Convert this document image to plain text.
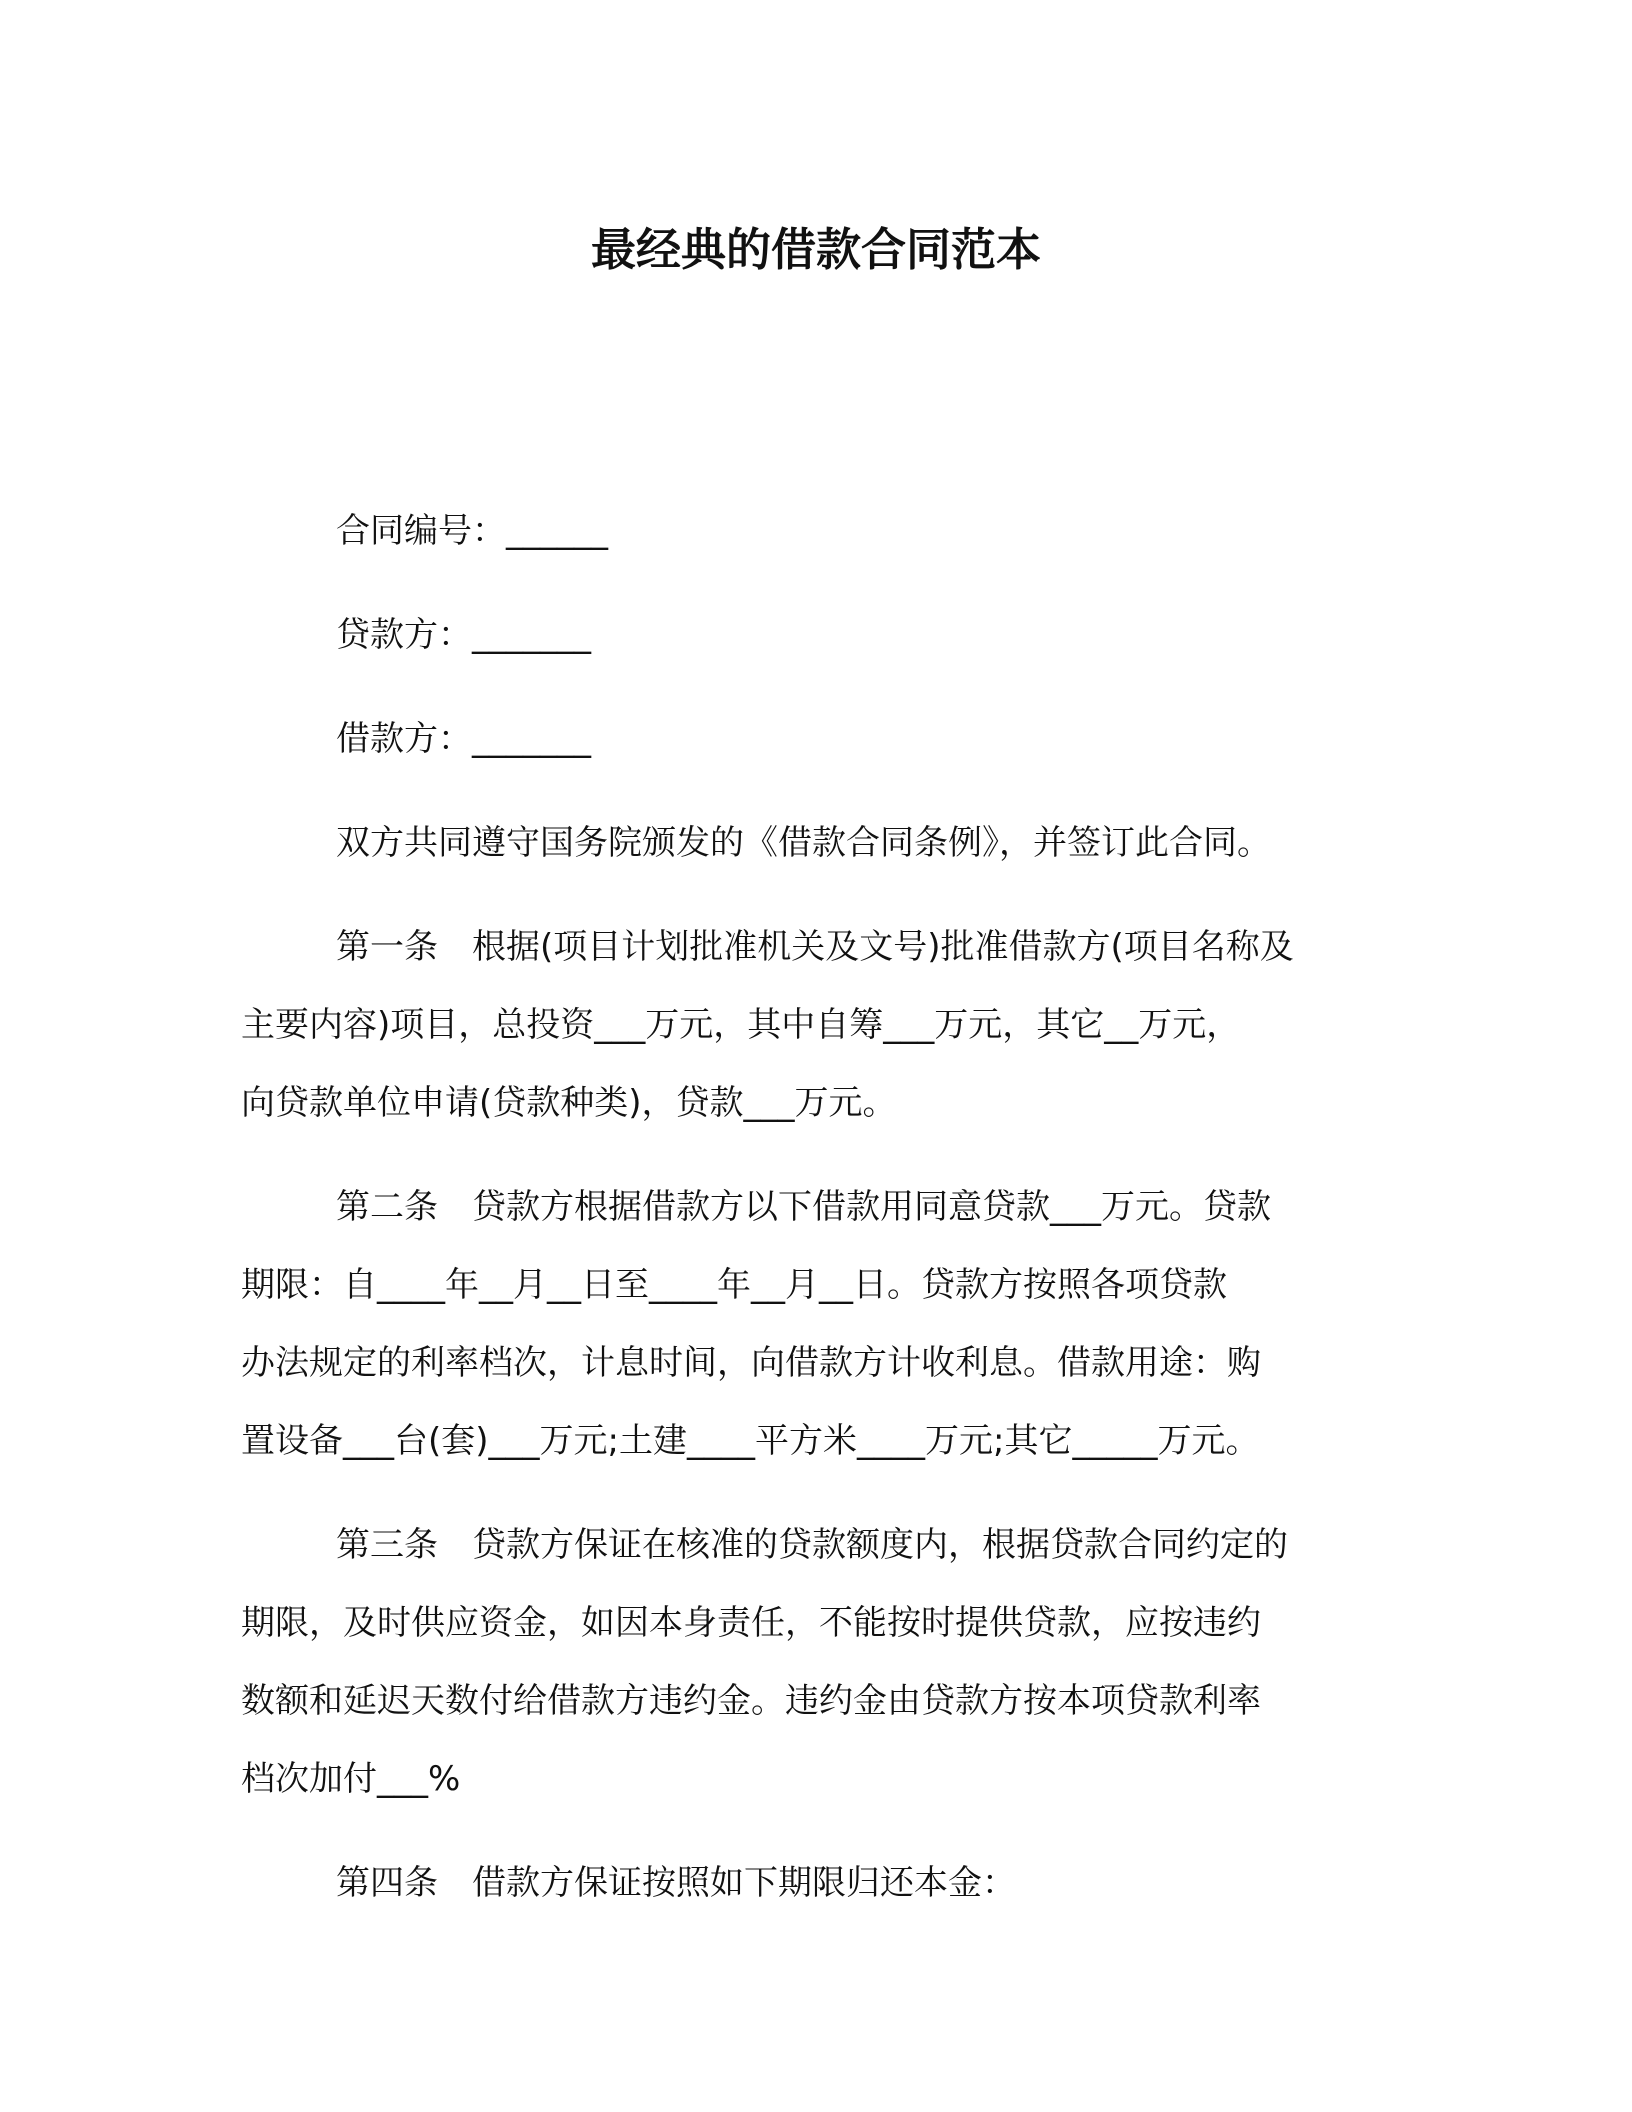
最经典的借款合同范本
合同编号：______
贷款方：_______
借款方：_______
双方共同遵守国务院颁发的《借款合同条例》，并签订此合同。
第一条　根据(项目计划批准机关及文号)批准借款方(项目名称及
主要内容)项目，总投资___万元，其中自筹___万元，其它__万元，
向贷款单位申请(贷款种类)，贷款___万元。
第二条　贷款方根据借款方以下借款用同意贷款___万元。贷款
期限：自____年__月__日至____年__月__日。贷款方按照各项贷款
办法规定的利率档次，计息时间，向借款方计收利息。借款用途：购
置设备___台(套)___万元;土建____平方米____万元;其它_____万元。
第三条　贷款方保证在核准的贷款额度内，根据贷款合同约定的
期限，及时供应资金，如因本身责任，不能按时提供贷款，应按违约
数额和延迟天数付给借款方违约金。违约金由贷款方按本项贷款利率
档次加付___%
第四条　借款方保证按照如下期限归还本金：
